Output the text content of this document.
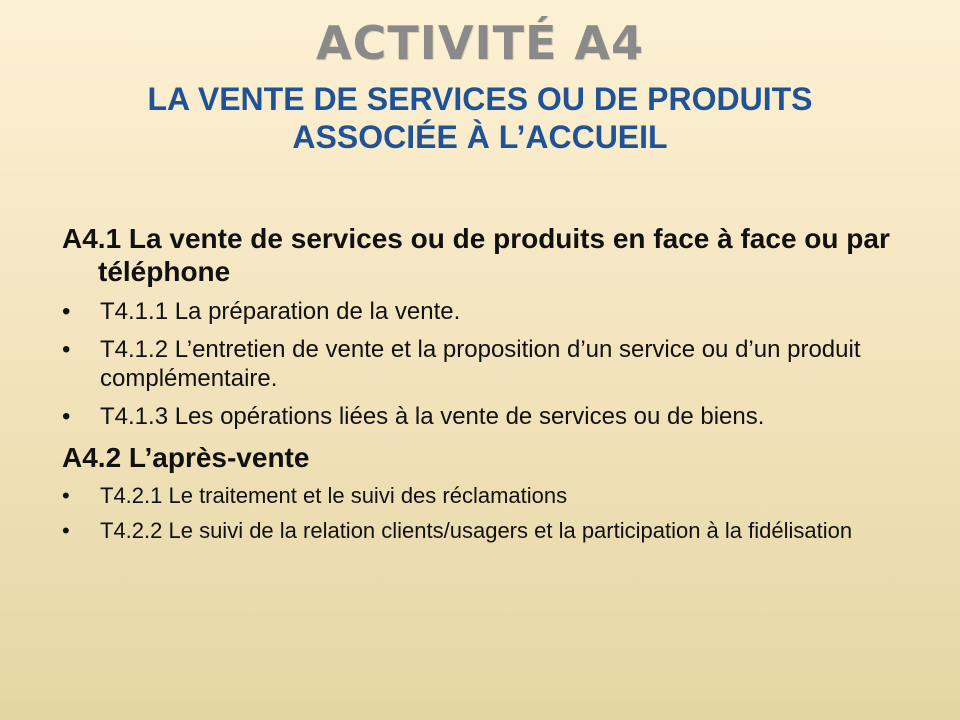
ACTIVITÉ A4
LA VENTE DE SERVICES OU DE PRODUITS
ASSOCIÉE À L’ACCUEIL

A4.1 La vente de services ou de produits en face à face ou par téléphone

•	T4.1.1 La préparation de la vente.
•	T4.1.2 L’entretien de vente et la proposition d’un service ou d’un produit complémentaire.
•	T4.1.3 Les opérations liées à la vente de services ou de biens.

A4.2 L’après-vente

•	T4.2.1 Le traitement et le suivi des réclamations
•	T4.2.2 Le suivi de la relation clients/usagers et la participation à la fidélisation
